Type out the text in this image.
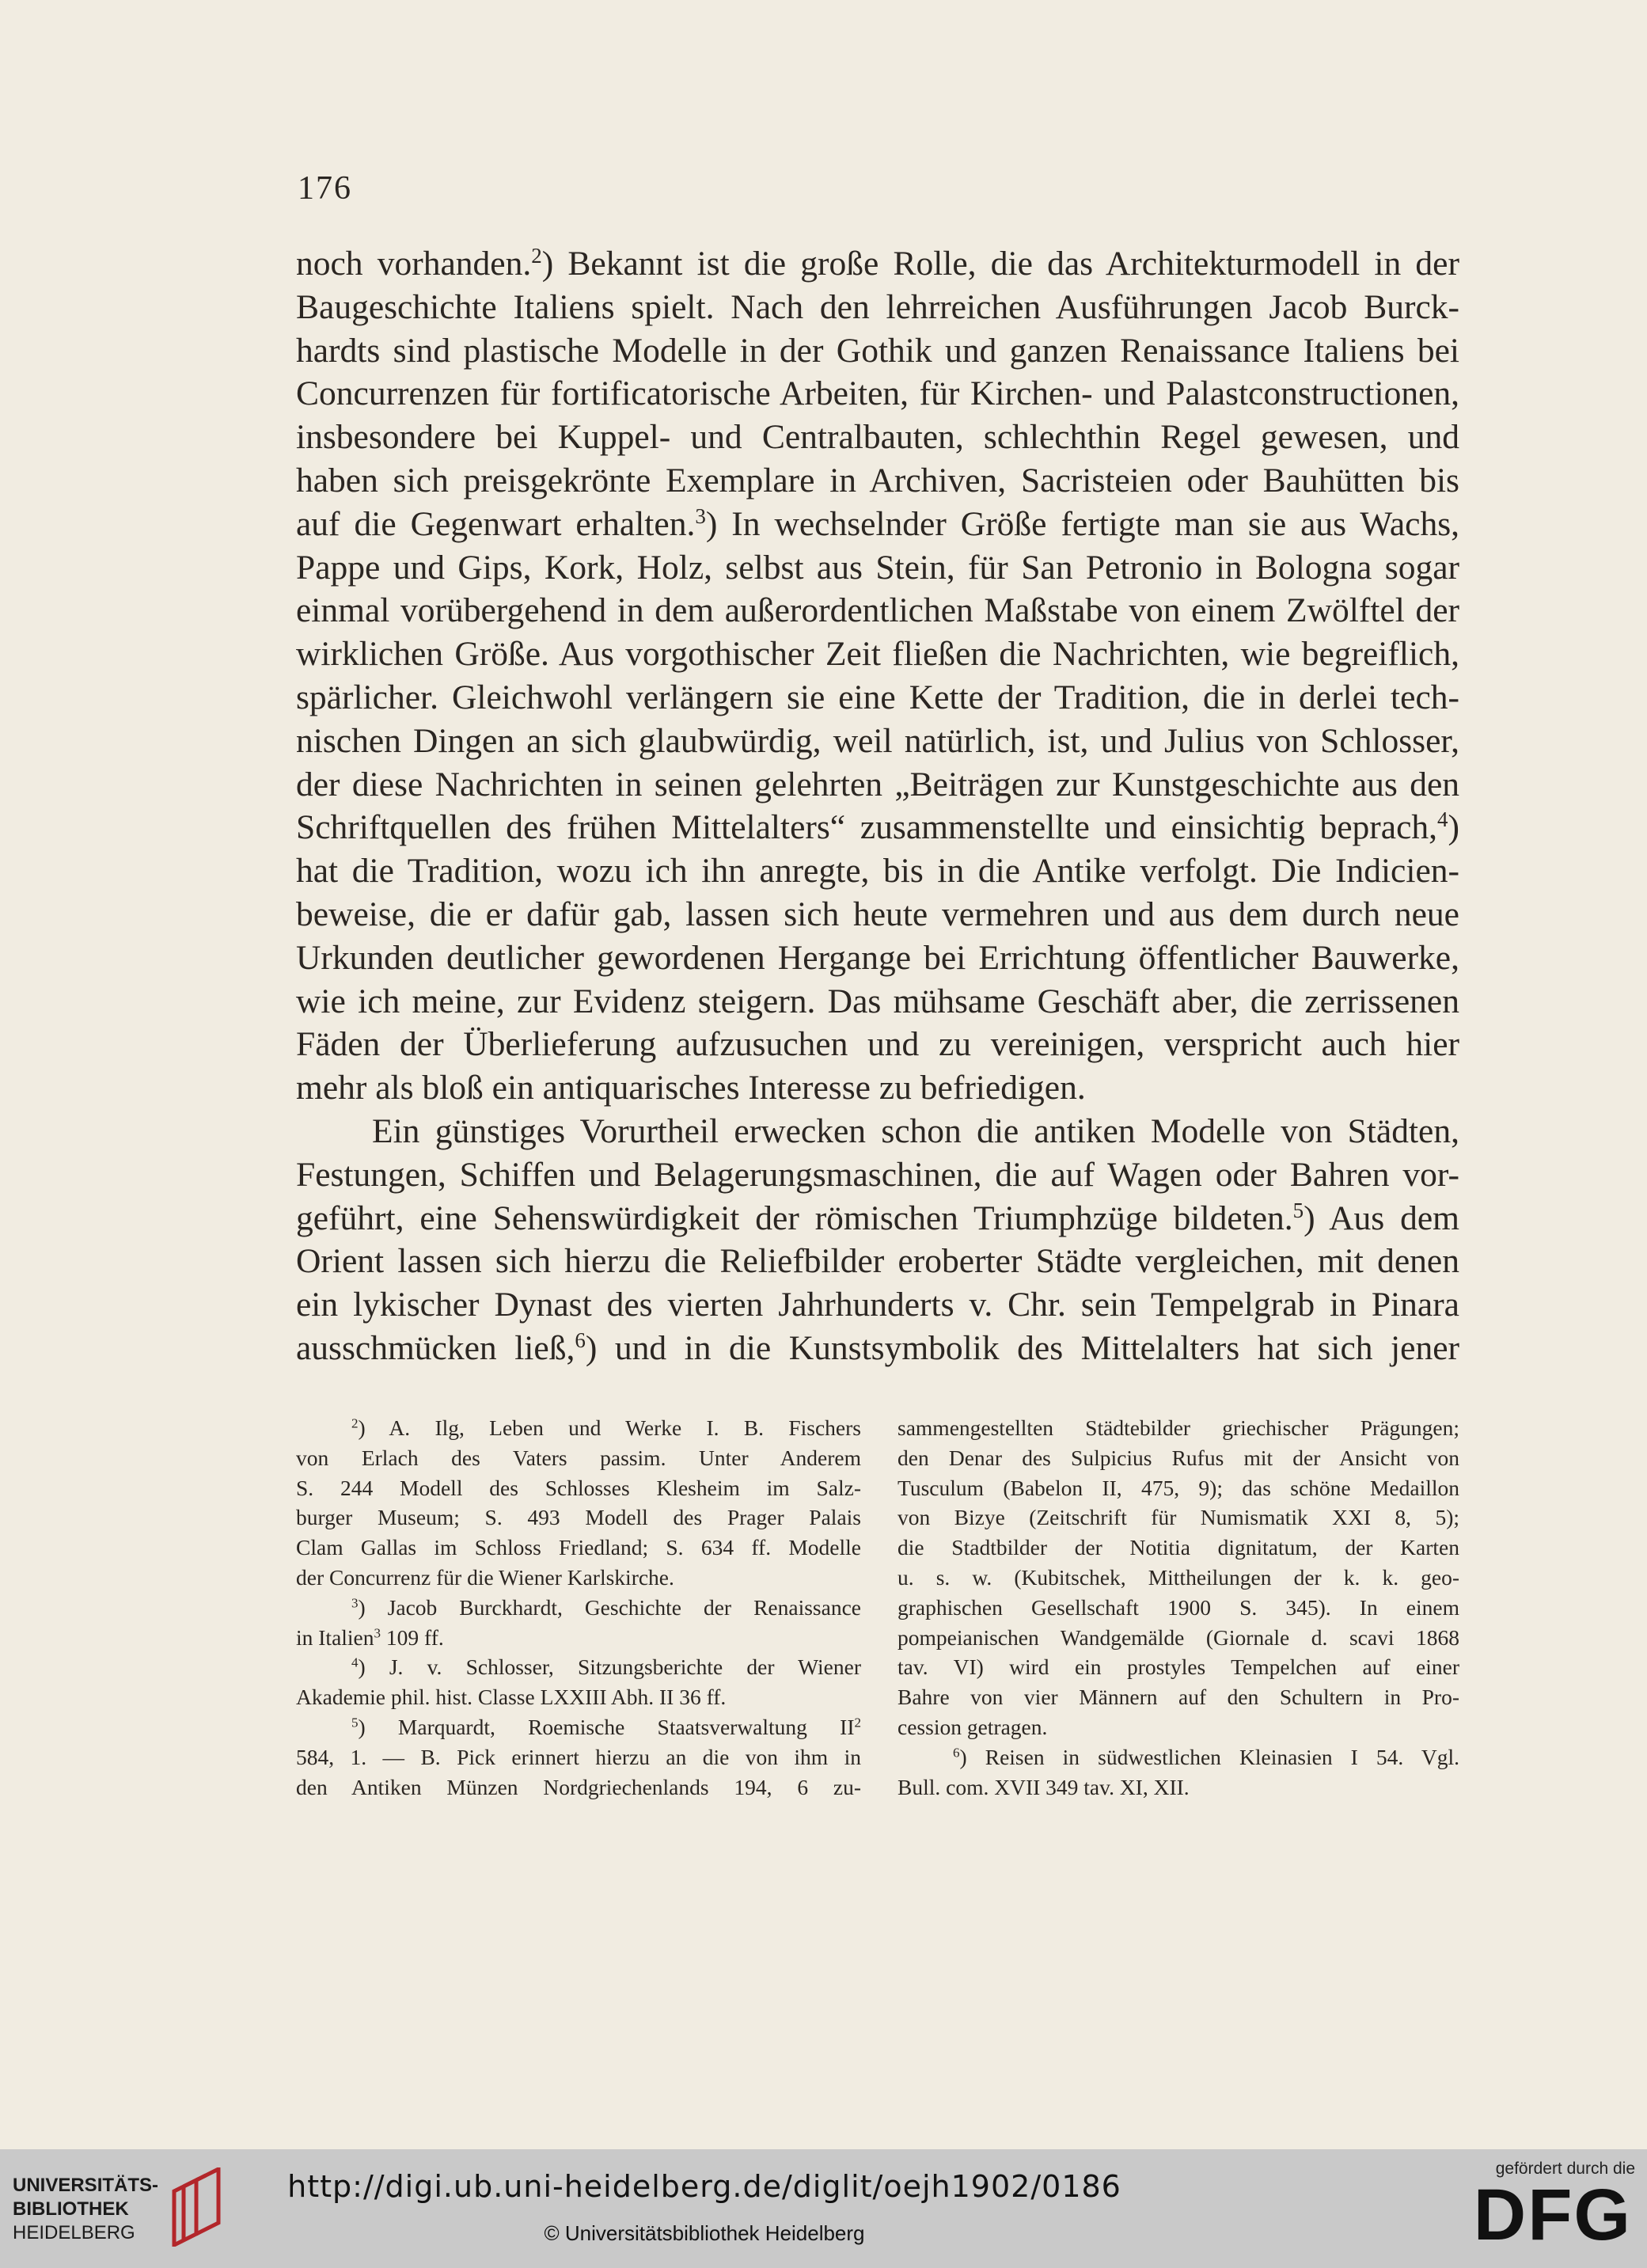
176
noch vorhanden.$^2$) Bekannt ist die große Rolle, die das Architekturmodell in der
Baugeschichte Italiens spielt. Nach den lehrreichen Ausführungen Jacob Burck-
hardts sind plastische Modelle in der Gothik und ganzen Renaissance Italiens bei
Concurrenzen für fortificatorische Arbeiten, für Kirchen- und Palastconstructionen,
insbesondere bei Kuppel- und Centralbauten, schlechthin Regel gewesen, und
haben sich preisgekrönte Exemplare in Archiven, Sacristeien oder Bauhütten bis
auf die Gegenwart erhalten.$^3$) In wechselnder Größe fertigte man sie aus Wachs,
Pappe und Gips, Kork, Holz, selbst aus Stein, für San Petronio in Bologna sogar
einmal vorübergehend in dem außerordentlichen Maßstabe von einem Zwölftel der
wirklichen Größe. Aus vorgothischer Zeit fließen die Nachrichten, wie begreiflich,
spärlicher. Gleichwohl verlängern sie eine Kette der Tradition, die in derlei tech-
nischen Dingen an sich glaubwürdig, weil natürlich, ist, und Julius von Schlosser,
der diese Nachrichten in seinen gelehrten „Beiträgen zur Kunstgeschichte aus den
Schriftquellen des frühen Mittelalters“ zusammenstellte und einsichtig beprach,$^4$)
hat die Tradition, wozu ich ihn anregte, bis in die Antike verfolgt. Die Indicien-
beweise, die er dafür gab, lassen sich heute vermehren und aus dem durch neue
Urkunden deutlicher gewordenen Hergange bei Errichtung öffentlicher Bauwerke,
wie ich meine, zur Evidenz steigern. Das mühsame Geschäft aber, die zerrissenen
Fäden der Überlieferung aufzusuchen und zu vereinigen, verspricht auch hier
mehr als bloß ein antiquarisches Interesse zu befriedigen.
Ein günstiges Vorurtheil erwecken schon die antiken Modelle von Städten,
Festungen, Schiffen und Belagerungsmaschinen, die auf Wagen oder Bahren vor-
geführt, eine Sehenswürdigkeit der römischen Triumphzüge bildeten.$^5$) Aus dem
Orient lassen sich hierzu die Reliefbilder eroberter Städte vergleichen, mit denen
ein lykischer Dynast des vierten Jahrhunderts v. Chr. sein Tempelgrab in Pinara
ausschmücken ließ,$^6$) und in die Kunstsymbolik des Mittelalters hat sich jener
$^2$) A. Ilg, Leben und Werke I. B. Fischers
von Erlach des Vaters passim. Unter Anderem
S. 244 Modell des Schlosses Klesheim im Salz-
burger Museum; S. 493 Modell des Prager Palais
Clam Gallas im Schloss Friedland; S. 634 ff. Modelle
der Concurrenz für die Wiener Karlskirche.
$^3$) Jacob Burckhardt, Geschichte der Renaissance
in Italien$^3$ 109 ff.
$^4$) J. v. Schlosser, Sitzungsberichte der Wiener
Akademie phil. hist. Classe LXXIII Abh. II 36 ff.
$^5$) Marquardt, Roemische Staatsverwaltung $II^2$
584, 1. — B. Pick erinnert hierzu an die von ihm in
den Antiken Münzen Nordgriechenlands 194, 6 zu-
sammengestellten Städtebilder griechischer Prägungen;
den Denar des Sulpicius Rufus mit der Ansicht von
Tusculum (Babelon II, 475, 9); das schöne Medaillon
von Bizye (Zeitschrift für Numismatik XXI 8, 5);
die Stadtbilder der Notitia dignitatum, der Karten
u. s. w. (Kubitschek, Mittheilungen der k. k. geo-
graphischen Gesellschaft 1900 S. 345). In einem
pompeianischen Wandgemälde (Giornale d. scavi 1868
tav. VI) wird ein prostyles Tempelchen auf einer
Bahre von vier Männern auf den Schultern in Pro-
cession getragen.
$^6$) Reisen in südwestlichen Kleinasien I 54. Vgl.
Bull. com. XVII 349 tav. XI, XII.
UNIVERSITÄTS-
BIBLIOTHEK
HEIDELBERG
http://digi.ub.uni-heidelberg.de/diglit/oejh1902/0186
© Universitätsbibliothek Heidelberg
gefördert durch die
DFG
